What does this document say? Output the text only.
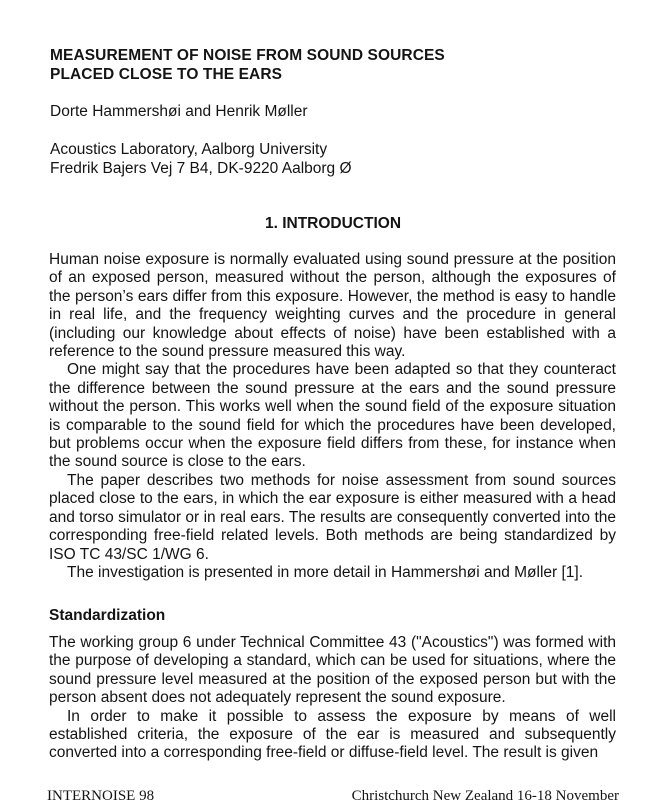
MEASUREMENT OF NOISE FROM SOUND SOURCES
PLACED CLOSE TO THE EARS
Dorte Hammershøi and Henrik Møller
Acoustics Laboratory, Aalborg University
Fredrik Bajers Vej 7 B4, DK-9220 Aalborg Ø
1. INTRODUCTION

Human noise exposure is normally evaluated using sound pressure at the position of an exposed person, measured without the person, although the exposures of the person’s ears differ from this exposure. However, the method is easy to handle in real life, and the frequency weighting curves and the procedure in general (including our knowledge about effects of noise) have been established with a reference to the sound pressure measured this way.

One might say that the procedures have been adapted so that they counteract the difference between the sound pressure at the ears and the sound pressure without the person. This works well when the sound field of the exposure situation is comparable to the sound field for which the procedures have been developed, but problems occur when the exposure field differs from these, for instance when the sound source is close to the ears.

The paper describes two methods for noise assessment from sound sources placed close to the ears, in which the ear exposure is either measured with a head and torso simulator or in real ears. The results are consequently converted into the corresponding free-field related levels. Both methods are being standardized by ISO TC 43/SC 1/WG 6.

The investigation is presented in more detail in Hammershøi and Møller [1].

Standardization

The working group 6 under Technical Committee 43 ("Acoustics") was formed with the purpose of developing a standard, which can be used for situations, where the sound pressure level measured at the position of the exposed person but with the person absent does not adequately represent the sound exposure.

In order to make it possible to assess the exposure by means of well established criteria, the exposure of the ear is measured and subsequently converted into a corresponding free-field or diffuse-field level. The result is given

INTERNOISE 98	Christchurch New Zealand 16-18 November
